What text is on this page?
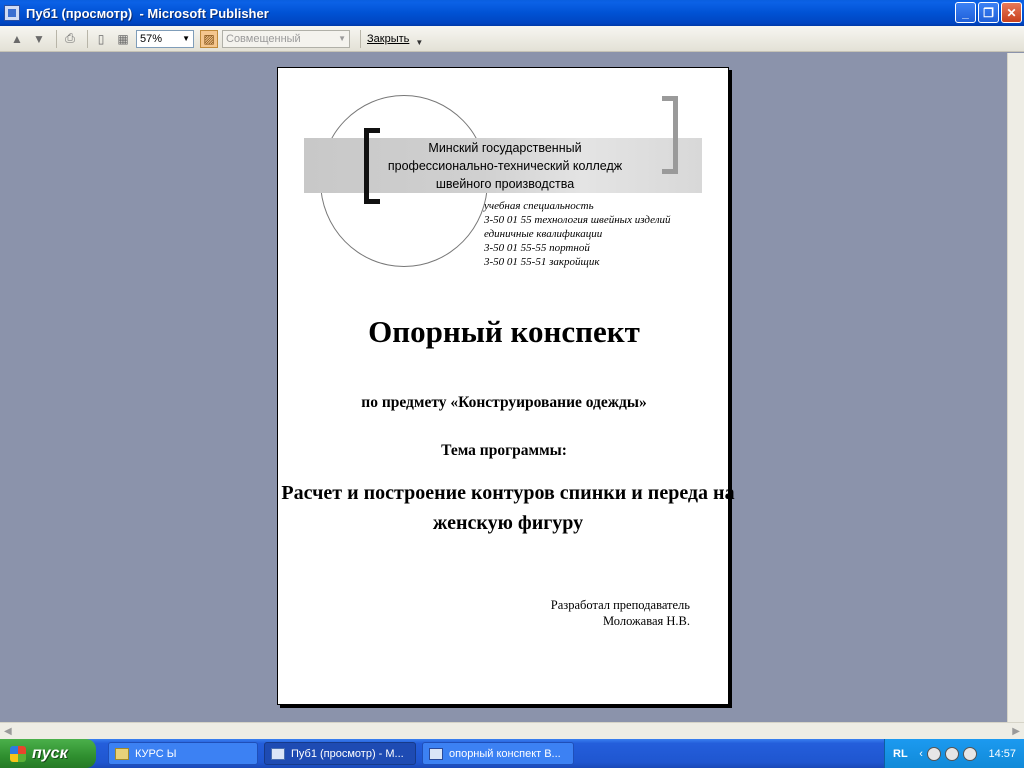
Пуб1 (просмотр)  - Microsoft Publisher	_	❐	✕
▲ ▼	⎙	▯	▦	57%	▼ ▨	Совмещенный	▼ Закрыть ▼
◀	▶
Минский государственный профессионально-технический колледж швейного производства
учебная специальность
3-50 01 55 технология швейных изделий
единичные квалификации
3-50 01 55-55 портной
3-50 01 55-51 закройщик
Опорный конспект
по предмету «Конструирование одежды»
Тема программы:
Расчет и построение контуров спинки и переда на женскую фигуру
Разработал преподаватель
Моложавая Н.В.
пуск	КУРС Ы	Пуб1 (просмотр) - M...	опорный конспект В...	RL ‹	14:57
